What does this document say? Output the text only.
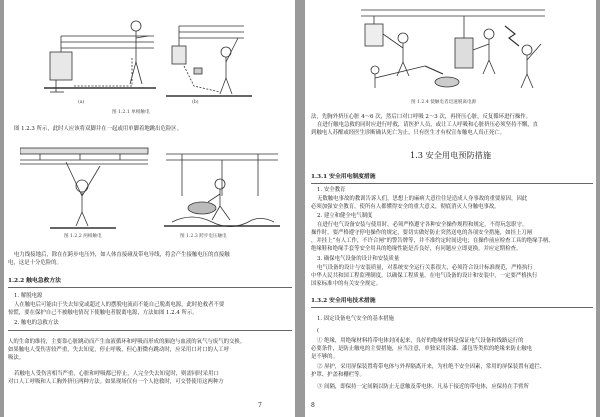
(a)	(b)
图 1.2.1 单相触电
图 1.2.3 所示，此时人应该将双脚并在一起或用单脚着地跳出危险区。
图 1.2.2 两相触电	图 1.2.3 跨步电压触电
电力线接地后，除在在跨步电压外，如人体直接碰及带电导线，将会产生接触电压的直接触
电，这是十分危险的。
1.2.2 触电急救方法
1. 解脱电源
人在触电后可能由于失去知觉或超过人的摆脱电流而不能自己脱离电源，此时抢救者不要
惊慌，要在保护自己不被触电情况下使触电者脱离电源，方法如图 1.2.4 所示。
2. 触电的急救方法
人的生命的维持，主要靠心脏跳动而产生血液循环和呼吸而形成的肺泡与血液的氧气与废气的交换。
如果触电人受伤害较严重，失去知觉，停止呼吸，但心脏微有跳动时，应采用口对口的人工呼
吸法。
若触电人受伤害相当严重，心脏和呼吸都已停止，人完全失去知觉时，则需同时采用口
对口人工呼吸和人工胸外挤压两种方法。如果现场仅有一个人抢救时，可交替使用这两种方
7
图 1.2.4 使触电者迅速脱离电源
法，先胸外挤压心脏 4～6 次，然后口对口呼吸 2～3 次，再挤压心脏，反复循环进行操作。
在进行触电急救的同时应进行呼救，请医护人员，或让工人呼吸和心脏挤压必须坚持不懈，直
到触电人苏醒或经医生诊断确认死亡为止。只有医生才有权宣布触电人真正死亡。
1.3 安全用电预防措施
1.3.1 安全用电制度措施
1. 安全教育
无数触电事故的教训告诉人们，思想上的麻痹大意往往是造成人身事故的重要原因，因此
必须加强安全教育，使所有人都懂得安全的重大意义，彻底消灭人身触电事故。
2. 建立和健全电气制度
在进行电气设备安装与使用时，必须严格遵守各种安全操作规程和规定，不得玩忽职守。
操作时，要严格遵守停电操作的规定，要切实做好防止突然送电的各项安全措施，如挂上刀闸
，并挂上“有人工作，不许合闸”的警告牌等，并不准约定时间送电；在操作前应检查工具的绝缘手柄、
绝缘鞋和绝缘手套等安全用具的绝缘性能是否良好，有问题应立即更换，并应定期检查。
3. 确保电气设备的设计和安装质量
电气设备的设计与安装质量，对系统安全运行关系很大，必须符合设计标准规范，严格执行
中华人民共和国工程监理制度，以确保工程质量。在电气设备的设计和安装中，一定要严格执行
国家标准中的有关安全规定。
1.3.2 安全用电技术措施
1. 固定设备电气安全的基本措施
(
① 绝缘，用绝缘材料将带电体封闭起来，良好的绝缘材料是保证电气设备和线路运行的
必要条件，是防止触电的主要措施，应当注意，单独采用涂漆、漆包等类似的绝缘来防止触电
是不够的。
② 屏护，采用屏保装置将带电体与外界隔离开来，为杜绝不安全因素，常用的屏保装置有遮拦、
护罩、护盖和栅栏等。
③ 间隔，即保持一定间隔以防止无意触及带电体。凡易于接近的带电体，应保持在手臂所
8
